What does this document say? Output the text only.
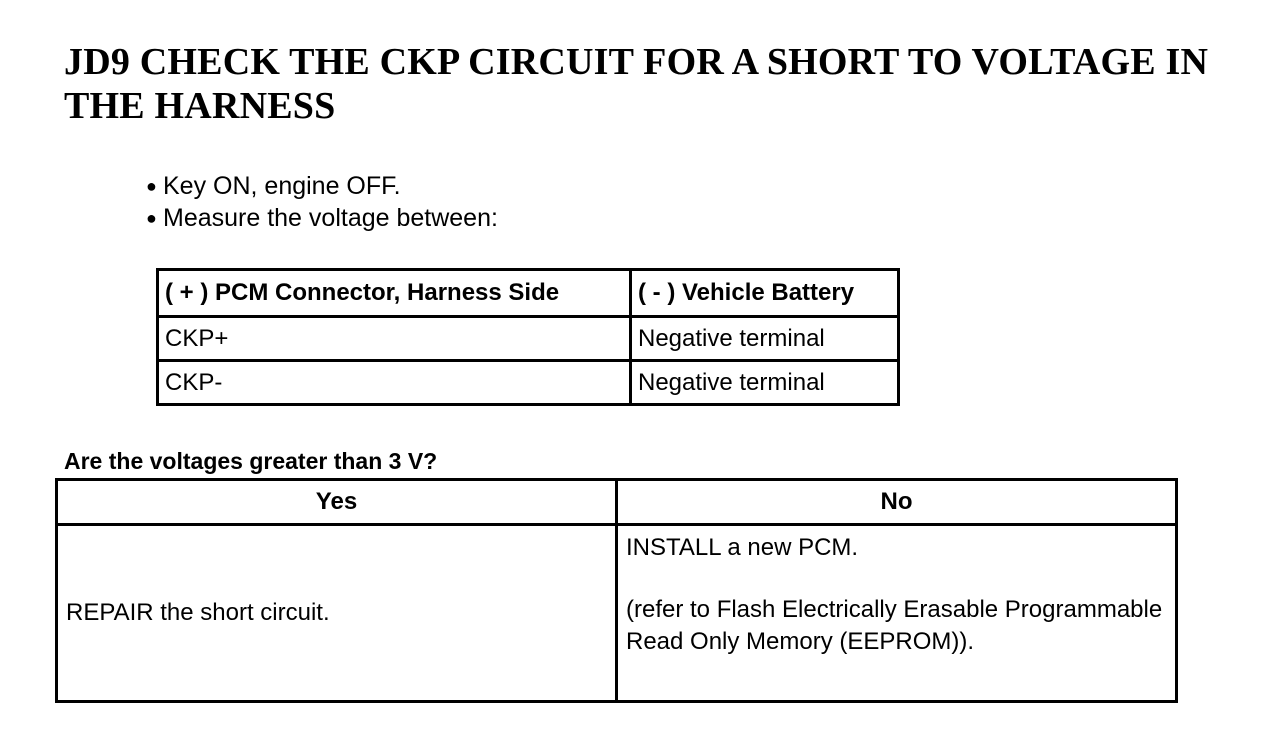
JD9 CHECK THE CKP CIRCUIT FOR A SHORT TO VOLTAGE IN THE HARNESS
● Key ON, engine OFF.
● Measure the voltage between:
( + ) PCM Connector, Harness Side	( - ) Vehicle Battery
CKP+	Negative terminal
CKP-	Negative terminal

Are the voltages greater than 3 V?

Yes	No
REPAIR the short circuit.	INSTALL a new PCM.
(refer to Flash Electrically Erasable Programmable Read Only Memory (EEPROM)).
